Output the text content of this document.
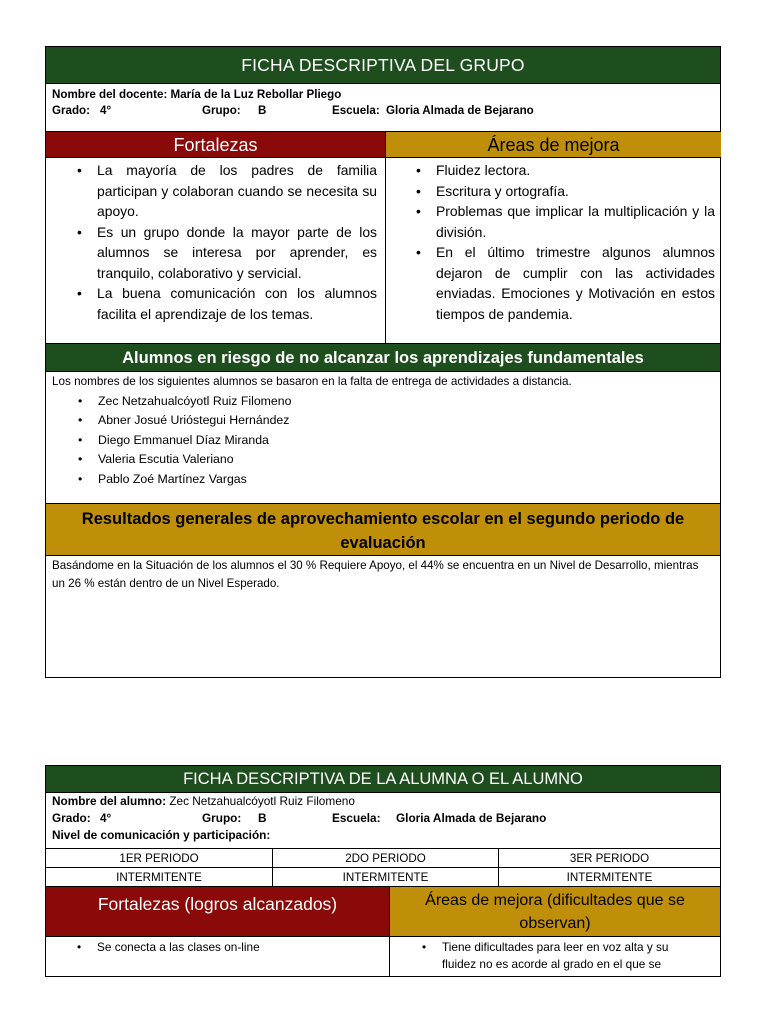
FICHA DESCRIPTIVA DEL GRUPO
Nombre del docente: María de la Luz Rebollar Pliego
Grado: 4°	Grupo: B	Escuela: Gloria Almada de Bejarano
Fortalezas	Áreas de mejora
• La mayoría de los padres de familia participan y colaboran cuando se necesita su apoyo.
• Es un grupo donde la mayor parte de los alumnos se interesa por aprender, es tranquilo, colaborativo y servicial.
• La buena comunicación con los alumnos facilita el aprendizaje de los temas.
• Fluidez lectora.
• Escritura y ortografía.
• Problemas que implicar la multiplicación y la división.
• En el último trimestre algunos alumnos dejaron de cumplir con las actividades enviadas. Emociones y Motivación en estos tiempos de pandemia.
Alumnos en riesgo de no alcanzar los aprendizajes fundamentales
Los nombres de los siguientes alumnos se basaron en la falta de entrega de actividades a distancia.
• Zec Netzahualcóyotl Ruiz Filomeno
• Abner Josué Urióstegui Hernández
• Diego Emmanuel Díaz Miranda
• Valeria Escutia Valeriano
• Pablo Zoé Martínez Vargas
Resultados generales de aprovechamiento escolar en el segundo periodo de evaluación
Basándome en la Situación de los alumnos el 30 % Requiere Apoyo, el 44% se encuentra en un Nivel de Desarrollo, mientras un 26 % están dentro de un Nivel Esperado.
FICHA DESCRIPTIVA DE LA ALUMNA O EL ALUMNO
Nombre del alumno: Zec Netzahualcóyotl Ruiz Filomeno
Grado: 4°	Grupo: B	Escuela: Gloria Almada de Bejarano
Nivel de comunicación y participación:
1ER PERIODO	2DO PERIODO	3ER PERIODO
INTERMITENTE	INTERMITENTE	INTERMITENTE
Fortalezas (logros alcanzados)	Áreas de mejora (dificultades que se observan)
• Se conecta a las clases on-line
•	Tiene dificultades para leer en voz alta y su fluidez no es acorde al grado en el que se
